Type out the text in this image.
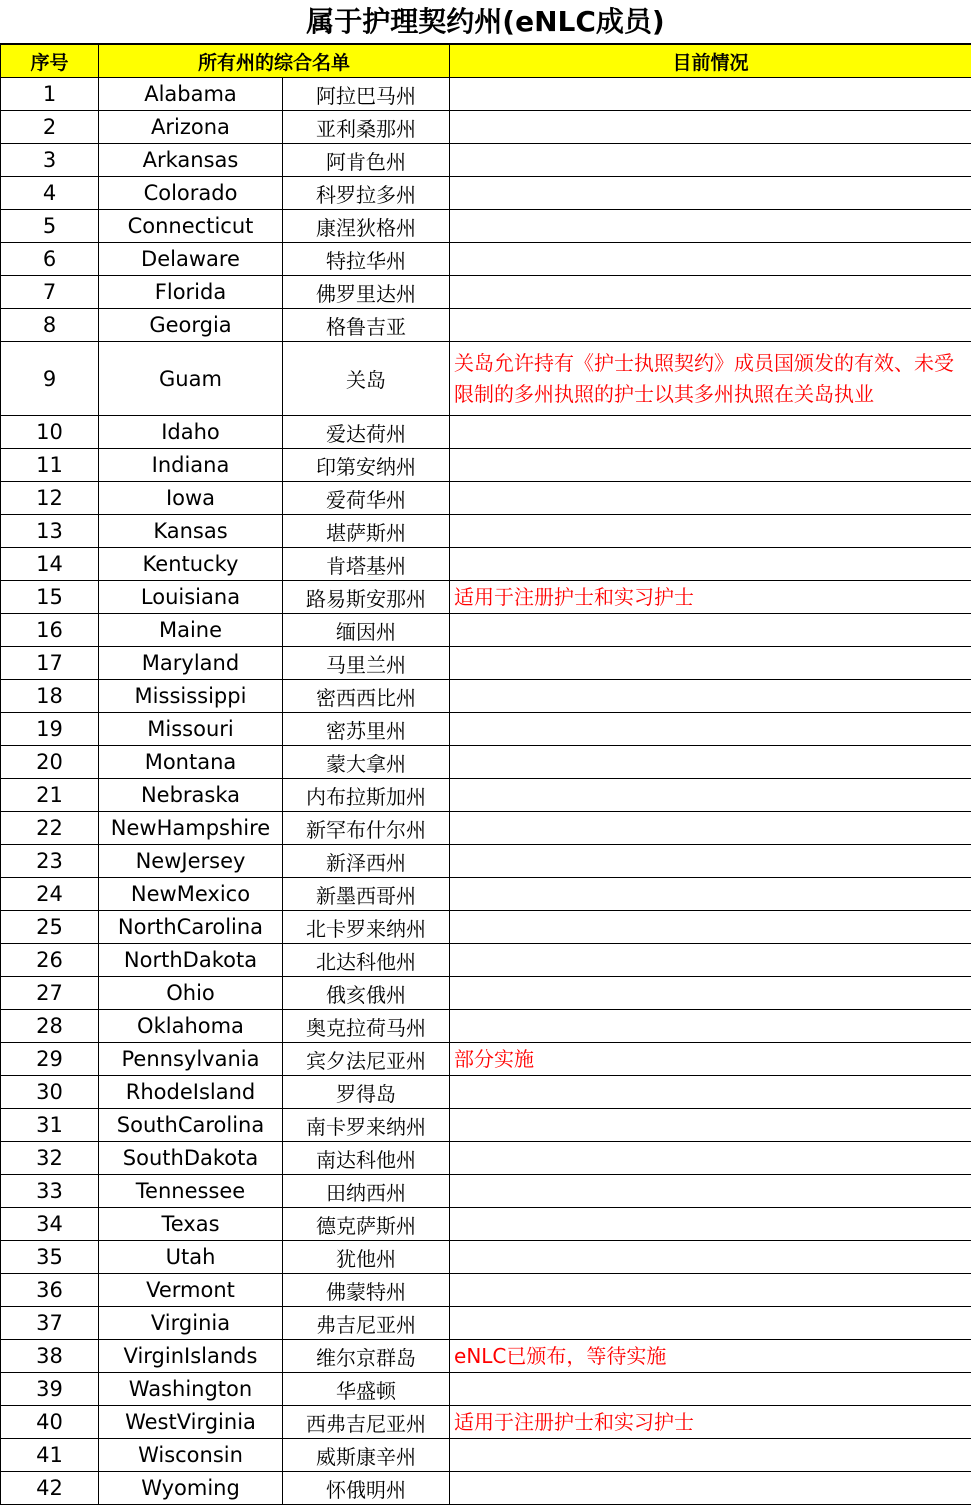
属于护理契约州(eNLC成员)
序号	所有州的综合名单		目前情况
1	Alabama	阿拉巴马州	
2	Arizona	亚利桑那州	
3	Arkansas	阿肯色州	
4	Colorado	科罗拉多州	
5	Connecticut	康涅狄格州	
6	Delaware	特拉华州	
7	Florida	佛罗里达州	
8	Georgia	格鲁吉亚	
9	Guam	关岛	关岛允许持有《护士执照契约》成员国颁发的有效、未受限制的多州执照的护士以其多州执照在关岛执业
10	Idaho	爱达荷州	
11	Indiana	印第安纳州	
12	Iowa	爱荷华州	
13	Kansas	堪萨斯州	
14	Kentucky	肯塔基州	
15	Louisiana	路易斯安那州	适用于注册护士和实习护士
16	Maine	缅因州	
17	Maryland	马里兰州	
18	Mississippi	密西西比州	
19	Missouri	密苏里州	
20	Montana	蒙大拿州	
21	Nebraska	内布拉斯加州	
22	NewHampshire	新罕布什尔州	
23	NewJersey	新泽西州	
24	NewMexico	新墨西哥州	
25	NorthCarolina	北卡罗来纳州	
26	NorthDakota	北达科他州	
27	Ohio	俄亥俄州	
28	Oklahoma	奥克拉荷马州	
29	Pennsylvania	宾夕法尼亚州	部分实施
30	RhodeIsland	罗得岛	
31	SouthCarolina	南卡罗来纳州	
32	SouthDakota	南达科他州	
33	Tennessee	田纳西州	
34	Texas	德克萨斯州	
35	Utah	犹他州	
36	Vermont	佛蒙特州	
37	Virginia	弗吉尼亚州	
38	VirginIslands	维尔京群岛	eNLC已颁布，等待实施
39	Washington	华盛顿	
40	WestVirginia	西弗吉尼亚州	适用于注册护士和实习护士
41	Wisconsin	威斯康辛州	
42	Wyoming	怀俄明州	
